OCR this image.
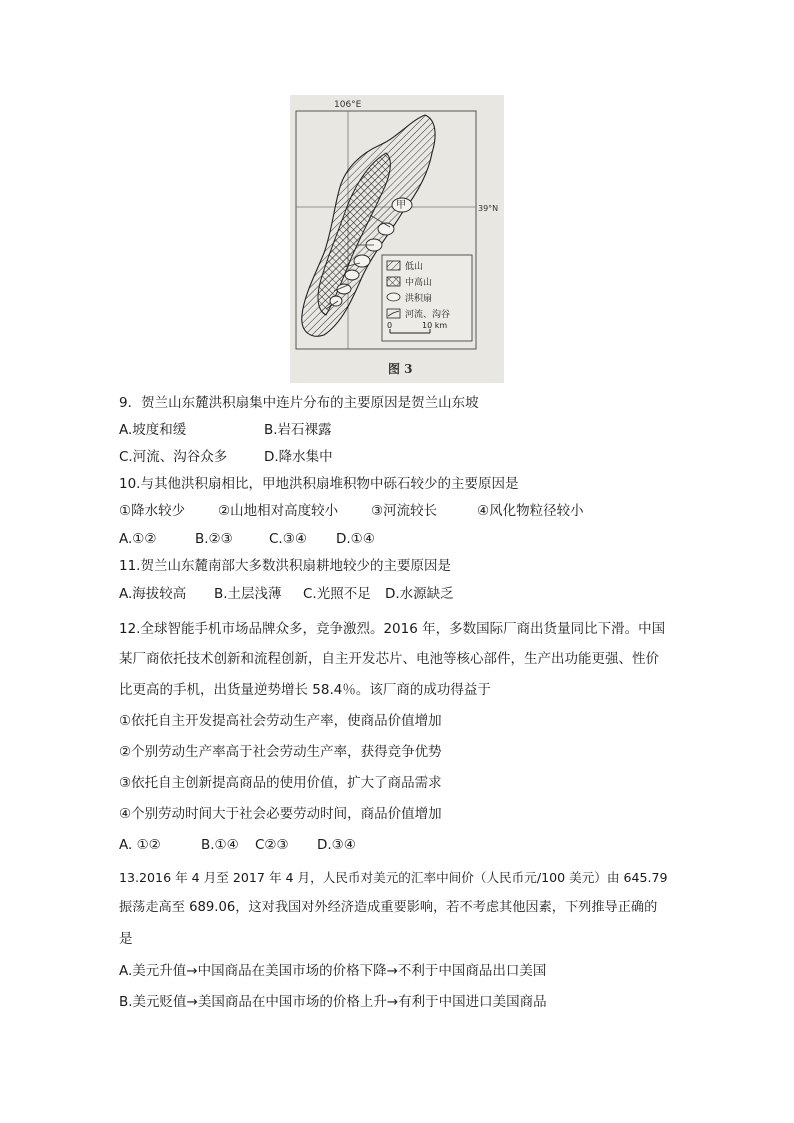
106°E
39°N
甲
低山
中高山
洪积扇
河流、沟谷
0	10 km
图 3
9．贺兰山东麓洪积扇集中连片分布的主要原因是贺兰山东坡
A.坡度和缓	B.岩石裸露
C.河流、沟谷众多	D.降水集中
10.与其他洪积扇相比，甲地洪积扇堆积物中砾石较少的主要原因是
①降水较少 ②山地相对高度较小 ③河流较长	④风化物粒径较小
A.①②	B.②③	C.③④ D.①④
11.贺兰山东麓南部大多数洪积扇耕地较少的主要原因是
A.海拔较高 B.土层浅薄 C.光照不足 D.水源缺乏
12.全球智能手机市场品牌众多，竞争激烈。2016 年，多数国际厂商出货量同比下滑。中国
某厂商依托技术创新和流程创新，自主开发芯片、电池等核心部件，生产出功能更强、性价
比更高的手机，出货量逆势增长 58.4％。该厂商的成功得益于
①依托自主开发提高社会劳动生产率，使商品价值增加
②个别劳动生产率高于社会劳动生产率，获得竞争优势
③依托自主创新提高商品的使用价值，扩大了商品需求
④个别劳动时间大于社会必要劳动时间，商品价值增加
A. ①②	B.①④ C②③ D.③④
13.2016 年 4 月至 2017 年 4 月，人民币对美元的汇率中间价（人民币元/100 美元）由 645.79
振荡走高至 689.06，这对我国对外经济造成重要影响，若不考虑其他因素，下列推导正确的
是
A.美元升值→中国商品在美国市场的价格下降→不利于中国商品出口美国
B.美元贬值→美国商品在中国市场的价格上升→有利于中国进口美国商品
